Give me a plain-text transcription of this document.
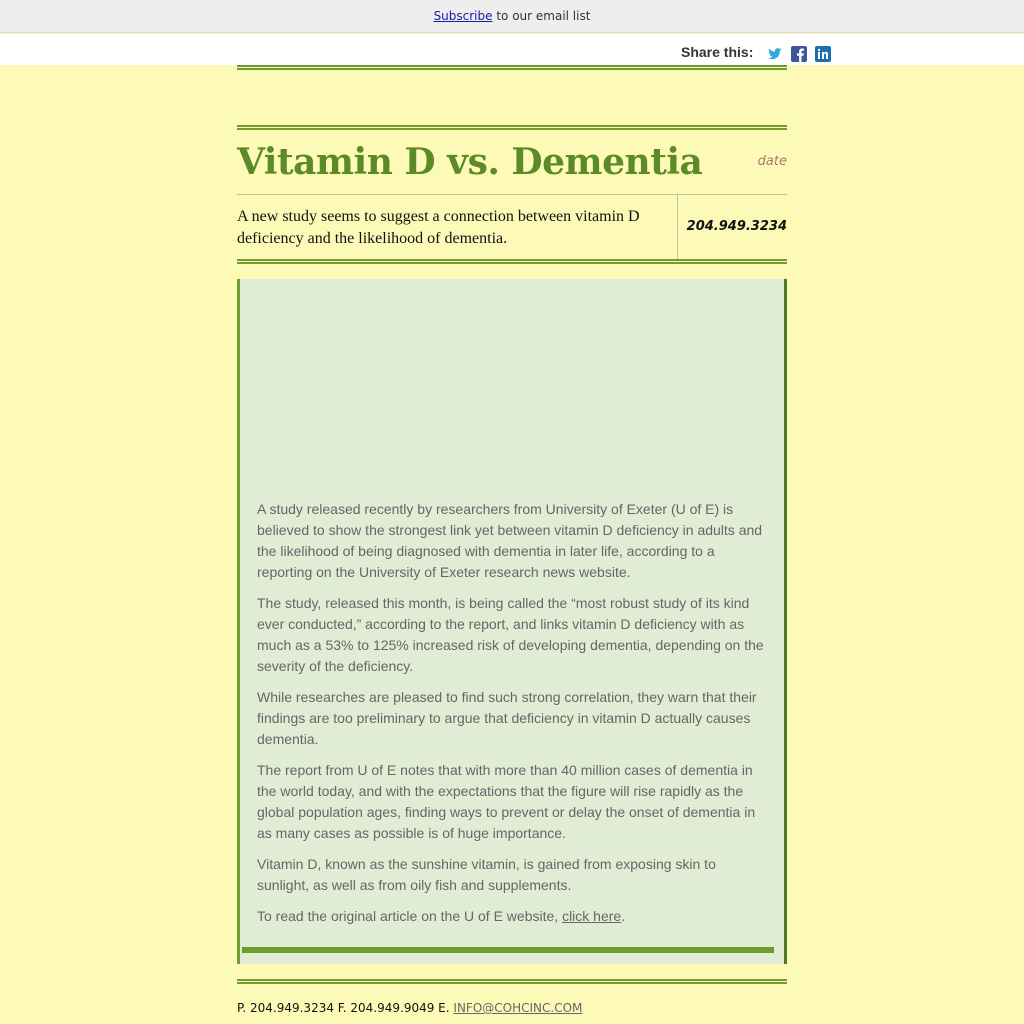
Subscribe to our email list
Share this:
Vitamin D vs. Dementia	date

A new study seems to suggest a connection between vitamin D deficiency and the likelihood of dementia.

204.949.3234

A study released recently by researchers from University of Exeter (U of E) is believed to show the strongest link yet between vitamin D deficiency in adults and the likelihood of being diagnosed with dementia in later life, according to a reporting on the University of Exeter research news website.

The study, released this month, is being called the “most robust study of its kind ever conducted,” according to the report, and links vitamin D deficiency with as much as a 53% to 125% increased risk of developing dementia, depending on the severity of the deficiency.

While researches are pleased to find such strong correlation, they warn that their findings are too preliminary to argue that deficiency in vitamin D actually causes dementia.

The report from U of E notes that with more than 40 million cases of dementia in the world today, and with the expectations that the figure will rise rapidly as the global population ages, finding ways to prevent or delay the onset of dementia in as many cases as possible is of huge importance.

Vitamin D, known as the sunshine vitamin, is gained from exposing skin to sunlight, as well as from oily fish and supplements.

To read the original article on the U of E website, click here.

P. 204.949.3234 F. 204.949.9049 E. INFO@COHCINC.COM
